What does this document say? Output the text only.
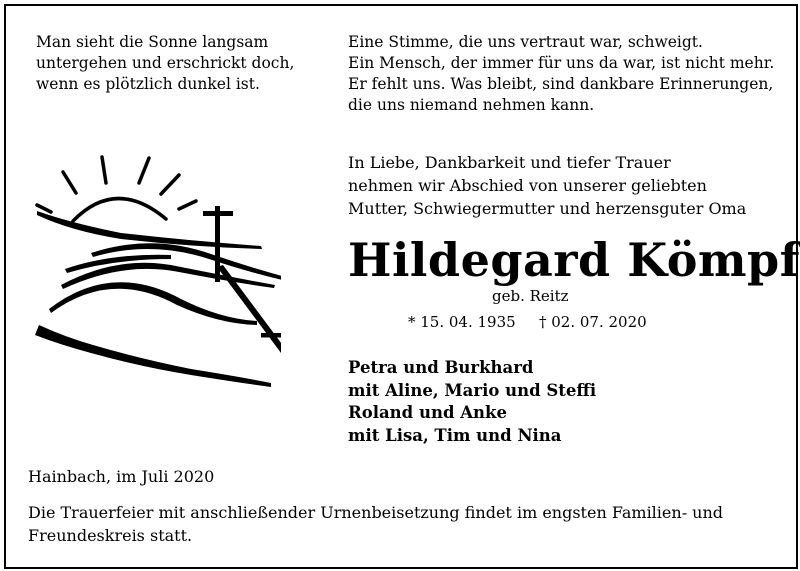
Man sieht die Sonne langsam
untergehen und erschrickt doch,
wenn es plötzlich dunkel ist.
Eine Stimme, die uns vertraut war, schweigt.
Ein Mensch, der immer für uns da war, ist nicht mehr.
Er fehlt uns. Was bleibt, sind dankbare Erinnerungen,
die uns niemand nehmen kann.
In Liebe, Dankbarkeit und tiefer Trauer
nehmen wir Abschied von unserer geliebten
Mutter, Schwiegermutter und herzensguter Oma
Hildegard Kömpf
geb. Reitz
* 15. 04. 1935 † 02. 07. 2020
Petra und Burkhard
mit Aline, Mario und Steffi
Roland und Anke
mit Lisa, Tim und Nina
Hainbach, im Juli 2020
Die Trauerfeier mit anschließender Urnenbeisetzung findet im engsten Familien- und Freundeskreis statt.
